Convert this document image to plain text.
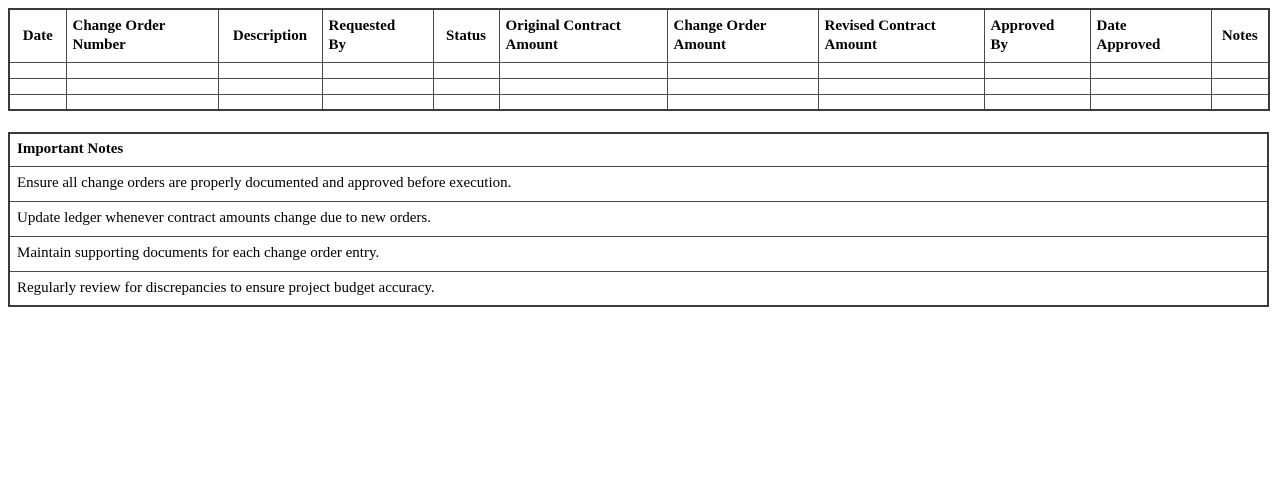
Date	Change Order Number	Description	Requested By	Status	Original Contract Amount	Change Order Amount	Revised Contract Amount	Approved By	Date Approved	Notes

Important Notes
Ensure all change orders are properly documented and approved before execution.
Update ledger whenever contract amounts change due to new orders.
Maintain supporting documents for each change order entry.
Regularly review for discrepancies to ensure project budget accuracy.
